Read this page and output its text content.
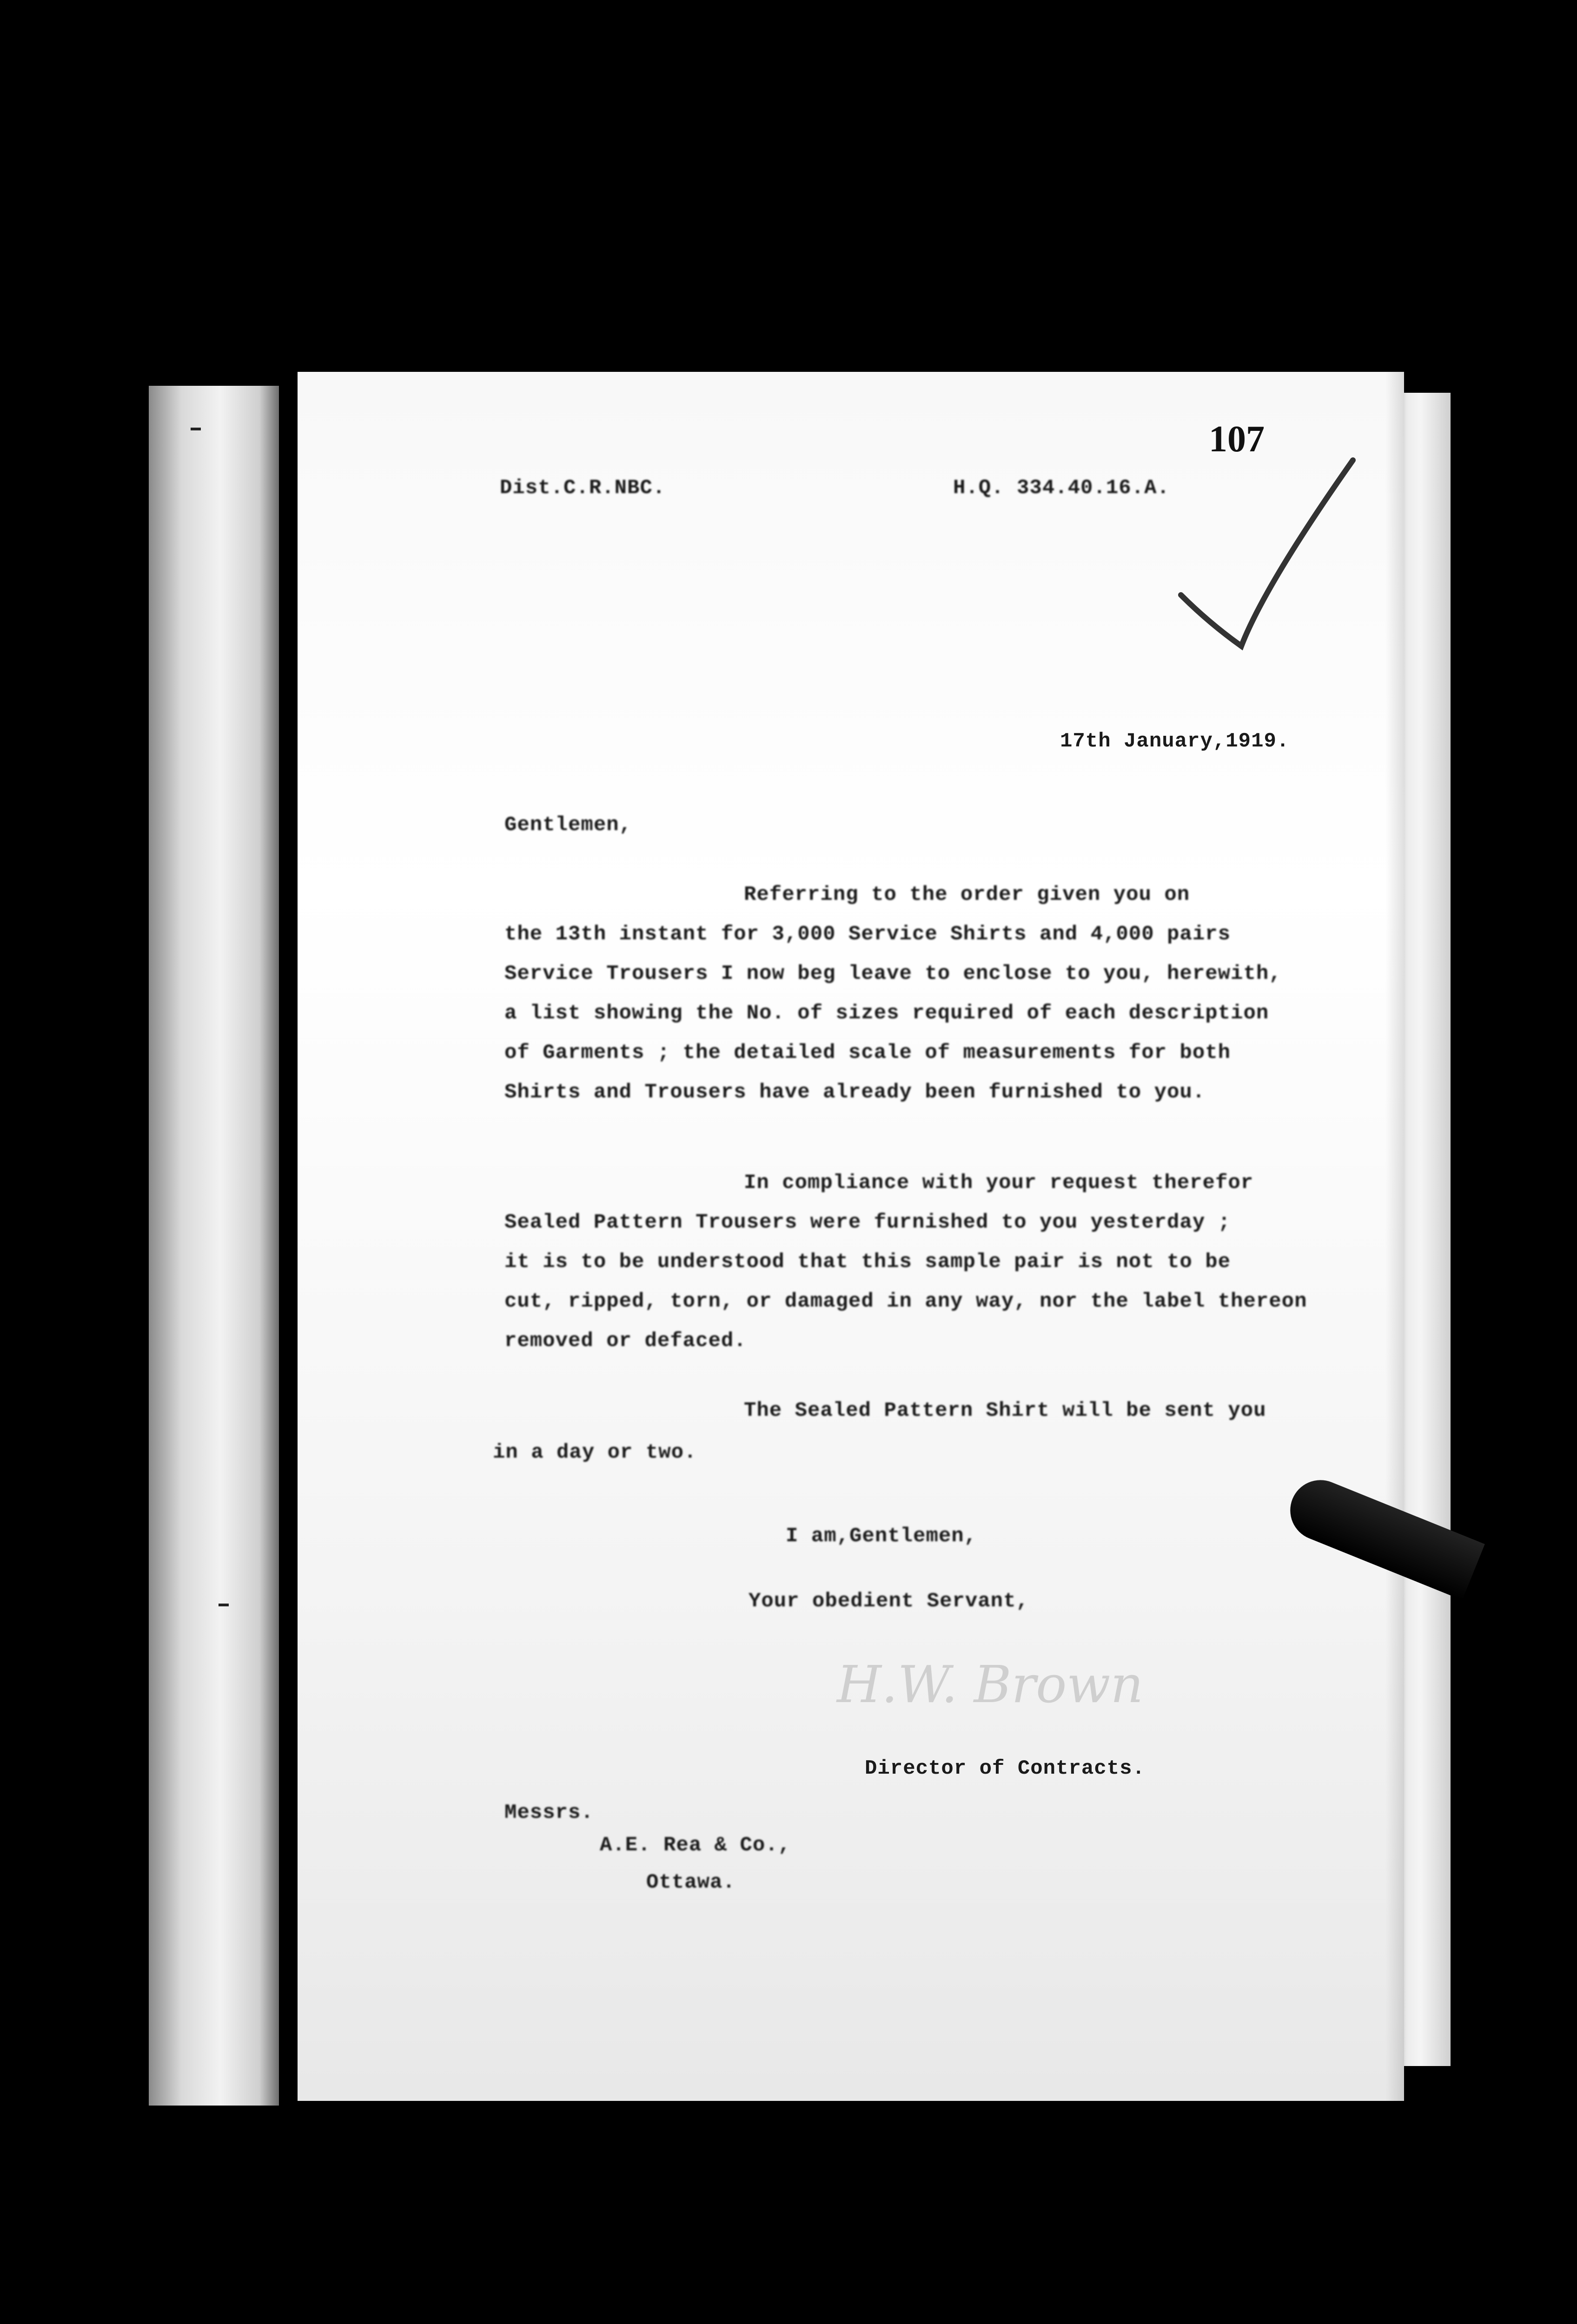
107
Dist.C.R.NBC.	H.Q. 334.40.16.A.
17th January,1919.
Gentlemen,
Referring to the order given you on
the 13th instant for 3,000 Service Shirts and 4,000 pairs
Service Trousers I now beg leave to enclose to you, herewith,
a list showing the No. of sizes required of each description
of Garments ; the detailed scale of measurements for both
Shirts and Trousers have already been furnished to you.
In compliance with your request therefor
Sealed Pattern Trousers were furnished to you yesterday ;
it is to be understood that this sample pair is not to be
cut, ripped, torn, or damaged in any way, nor the label thereon
removed or defaced.
The Sealed Pattern Shirt will be sent you
in a day or two.
I am,Gentlemen,
Your obedient Servant,
H.W. Brown
Director of Contracts.
Messrs.
A.E. Rea & Co.,
Ottawa.
